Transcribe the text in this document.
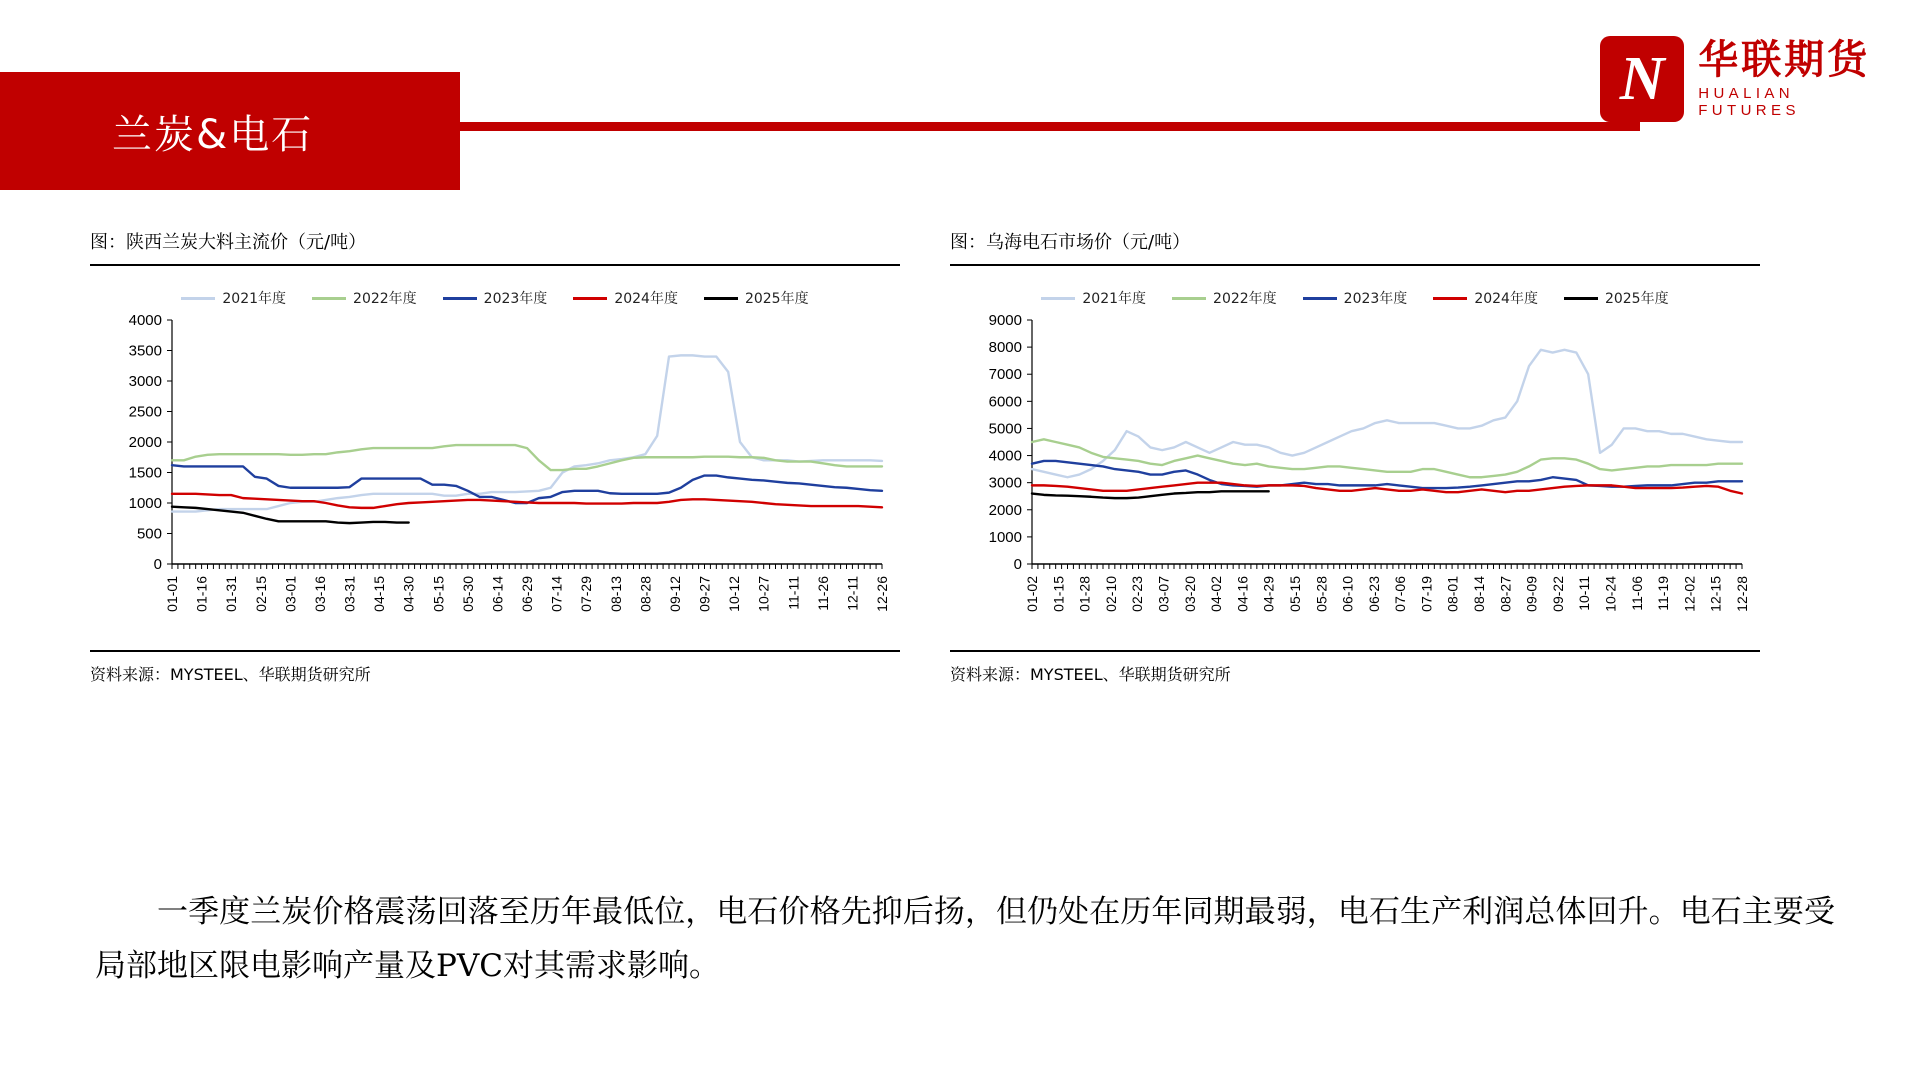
兰炭&电石
N 华联期货
HUALIAN FUTURES
图：陕西兰炭大料主流价（元/吨）
2021年度	2022年度	2023年度	2024年度	2025年度
0
500
1000
1500
2000
2500
3000
3500
4000
01-01 01-16 01-31 02-15 03-01 03-16 03-31 04-15 04-30 05-15 05-30 06-14 06-29 07-14 07-29 08-13 08-28 09-12 09-27 10-12 10-27 11-11 11-26 12-11 12-26
资料来源：MYSTEEL、华联期货研究所
图：乌海电石市场价（元/吨）
2021年度	2022年度	2023年度	2024年度	2025年度
0
1000
2000
3000
4000
5000
6000
7000
8000
9000
01-02 01-15 01-28 02-10 02-23 03-07 03-20 04-02 04-16 04-29 05-15 05-28 06-10 06-23 07-06 07-19 08-01 08-14 08-27 09-09 09-22 10-11 10-24 11-06 11-19 12-02 12-15 12-28
资料来源：MYSTEEL、华联期货研究所

一季度兰炭价格震荡回落至历年最低位，电石价格先抑后扬，但仍处在历年同期最弱，电石生产利润总体回升。电石主要受局部地区限电影响产量及PVC对其需求影响。
